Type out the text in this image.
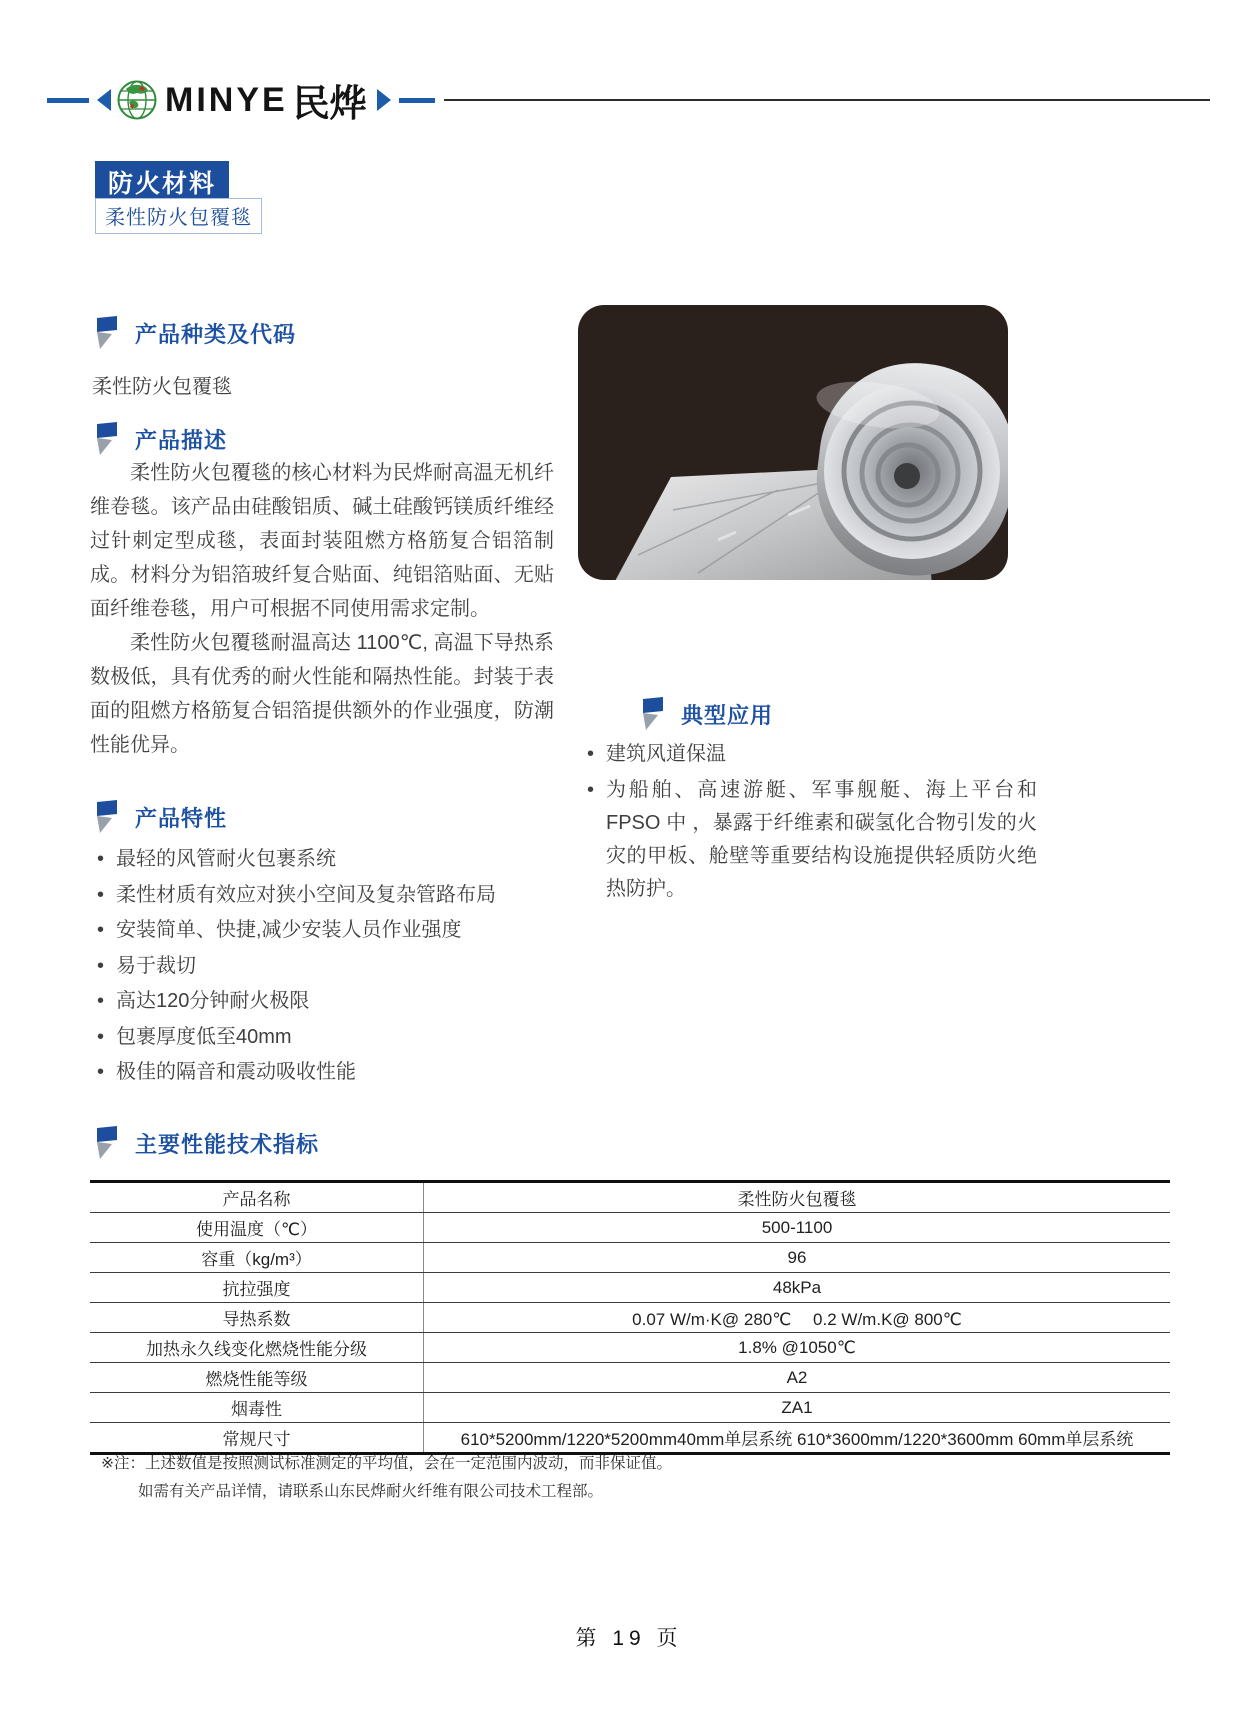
MINYE 民烨
防火材料
柔性防火包覆毯
产品种类及代码
柔性防火包覆毯
产品描述

柔性防火包覆毯的核心材料为民烨耐高温无机纤维卷毯。该产品由硅酸铝质、碱土硅酸钙镁质纤维经过针刺定型成毯，表面封装阻燃方格筋复合铝箔制成。材料分为铝箔玻纤复合贴面、纯铝箔贴面、无贴面纤维卷毯，用户可根据不同使用需求定制。

柔性防火包覆毯耐温高达 1100℃, 高温下导热系数极低，具有优秀的耐火性能和隔热性能。封装于表面的阻燃方格筋复合铝箔提供额外的作业强度，防潮性能优异。

产品特性
• 最轻的风管耐火包裹系统
• 柔性材质有效应对狭小空间及复杂管路布局
• 安装简单、快捷,减少安装人员作业强度
• 易于裁切
• 高达120分钟耐火极限
• 包裹厚度低至40mm
• 极佳的隔音和震动吸收性能
典型应用
• 建筑风道保温
• 为船舶、高速游艇、军事舰艇、海上平台和 FPSO 中 ，暴露于纤维素和碳氢化合物引发的火灾的甲板、舱壁等重要结构设施提供轻质防火绝热防护。
主要性能技术指标
产品名称	柔性防火包覆毯
使用温度（℃）	500-1100
容重（kg/m³）	96
抗拉强度	48kPa
导热系数	0.07 W/m·K@ 280℃　 0.2 W/m.K@ 800℃
加热永久线变化燃烧性能分级	1.8% @1050℃
燃烧性能等级	A2
烟毒性	ZA1
常规尺寸	610*5200mm/1220*5200mm40mm单层系统 610*3600mm/1220*3600mm 60mm单层系统
※注：上述数值是按照测试标准测定的平均值，会在一定范围内波动，而非保证值。
如需有关产品详情，请联系山东民烨耐火纤维有限公司技术工程部。
第 19 页
